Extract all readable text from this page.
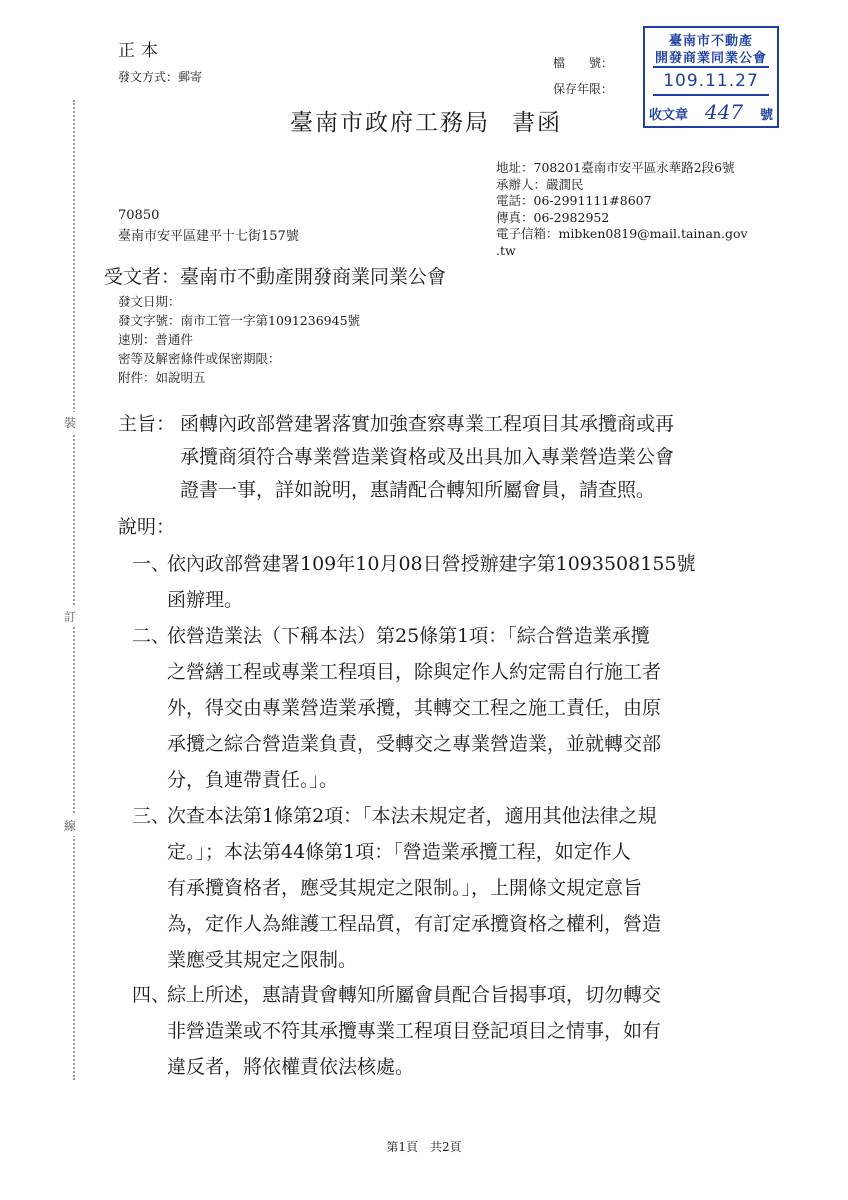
裝
訂
線
正本
發文方式：郵寄
檔　　號：
保存年限：
臺南市政府工務局 書函
臺南市不動產
開發商業同業公會
109.11.27
收文章 447 號
地址：708201臺南市安平區永華路2段6號
承辦人：嚴潤民
電話：06-2991111#8607
傳真：06-2982952
電子信箱：mibken0819@mail.tainan.gov
.tw
70850
臺南市安平區建平十七街157號
受文者：臺南市不動產開發商業同業公會
發文日期：
發文字號：南市工管一字第1091236945號
速別：普通件
密等及解密條件或保密期限：
附件：如說明五
主旨： 函轉內政部營建署落實加強查察專業工程項目其承攬商或再
承攬商須符合專業營造業資格或及出具加入專業營造業公會
證書一事，詳如說明，惠請配合轉知所屬會員，請查照。
說明：
一、
依內政部營建署109年10月08日營授辦建字第1093508155號
函辦理。
二、
依營造業法（下稱本法）第25條第1項：「綜合營造業承攬
之營繕工程或專業工程項目，除與定作人約定需自行施工者
外，得交由專業營造業承攬，其轉交工程之施工責任，由原
承攬之綜合營造業負責，受轉交之專業營造業，並就轉交部
分，負連帶責任。」。
三、
次查本法第1條第2項：「本法未規定者，適用其他法律之規
定。」；本法第44條第1項：「營造業承攬工程，如定作人
有承攬資格者，應受其規定之限制。」，上開條文規定意旨
為，定作人為維護工程品質，有訂定承攬資格之權利，營造
業應受其規定之限制。
四、
綜上所述，惠請貴會轉知所屬會員配合旨揭事項，切勿轉交
非營造業或不符其承攬專業工程項目登記項目之情事，如有
違反者，將依權責依法核處。
第1頁　共2頁
